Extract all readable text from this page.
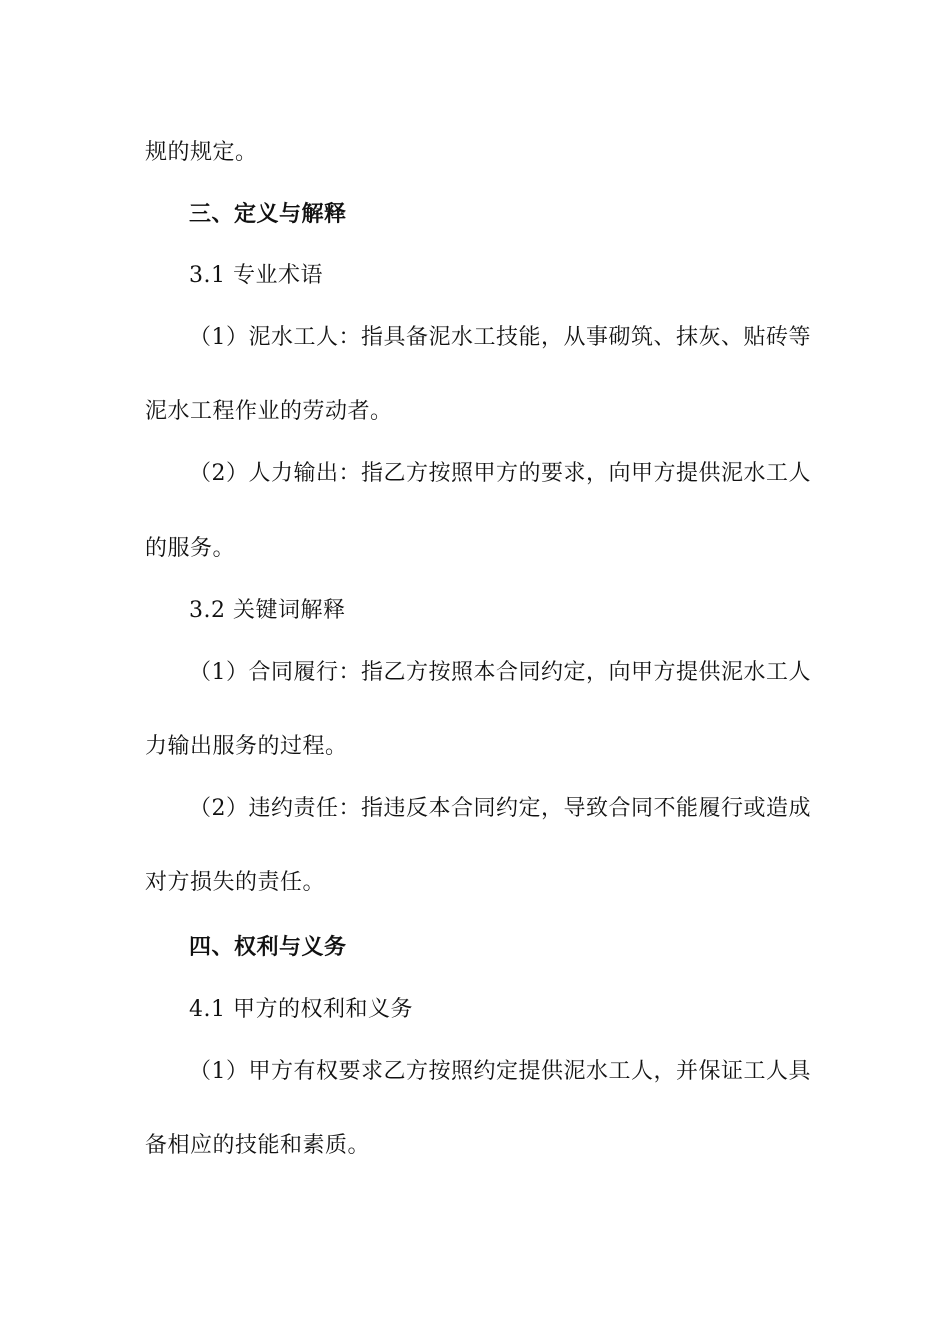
规的规定。
三、定义与解释
3.1 专业术语
（1）泥水工人：指具备泥水工技能，从事砌筑、抹灰、贴砖等
泥水工程作业的劳动者。
（2）人力输出：指乙方按照甲方的要求，向甲方提供泥水工人
的服务。
3.2 关键词解释
（1）合同履行：指乙方按照本合同约定，向甲方提供泥水工人
力输出服务的过程。
（2）违约责任：指违反本合同约定，导致合同不能履行或造成
对方损失的责任。
四、权利与义务
4.1 甲方的权利和义务
（1）甲方有权要求乙方按照约定提供泥水工人，并保证工人具
备相应的技能和素质。
